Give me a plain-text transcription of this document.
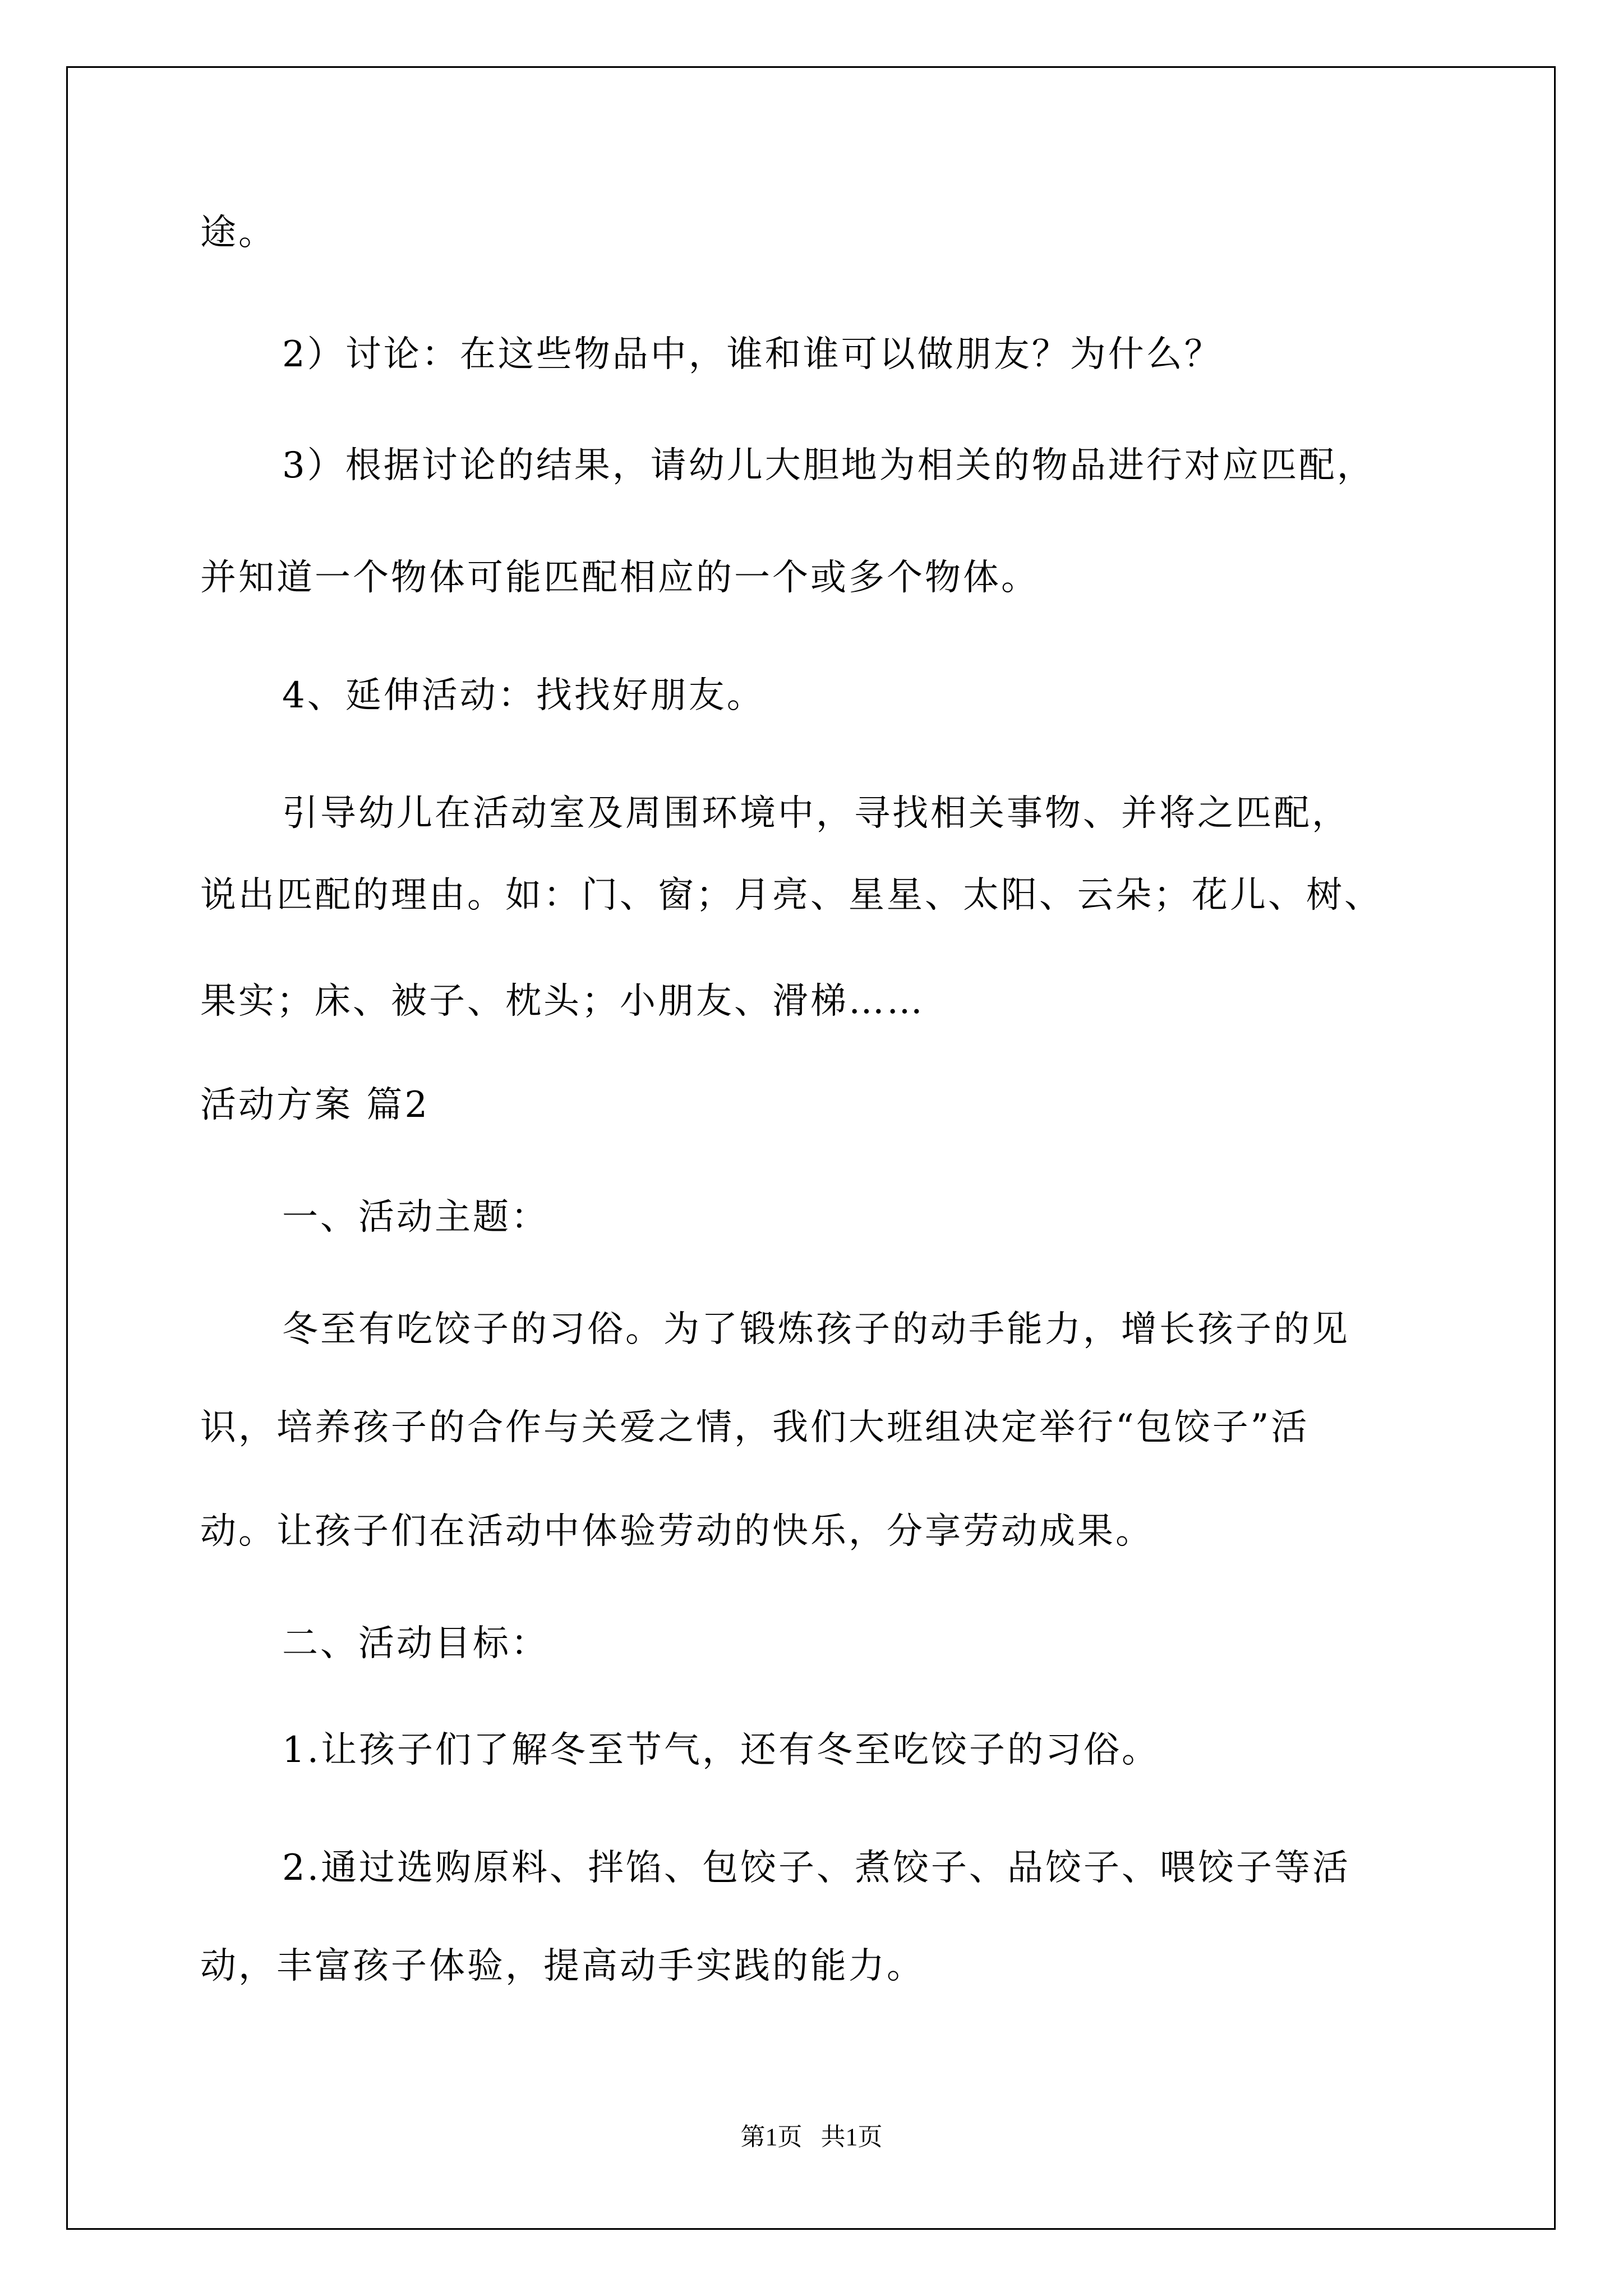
途。

2）讨论：在这些物品中，谁和谁可以做朋友？为什么？

3）根据讨论的结果，请幼儿大胆地为相关的物品进行对应匹配，

并知道一个物体可能匹配相应的一个或多个物体。

4、延伸活动：找找好朋友。

引导幼儿在活动室及周围环境中，寻找相关事物、并将之匹配，

说出匹配的理由。如：门、窗；月亮、星星、太阳、云朵；花儿、树、

果实；床、被子、枕头；小朋友、滑梯……

活动方案 篇2

一、活动主题：

冬至有吃饺子的习俗。为了锻炼孩子的动手能力，增长孩子的见

识，培养孩子的合作与关爱之情，我们大班组决定举行“包饺子”活

动。让孩子们在活动中体验劳动的快乐，分享劳动成果。

二、活动目标：

1.让孩子们了解冬至节气，还有冬至吃饺子的习俗。

2.通过选购原料、拌馅、包饺子、煮饺子、品饺子、喂饺子等活

动，丰富孩子体验，提高动手实践的能力。

第1页   共1页
